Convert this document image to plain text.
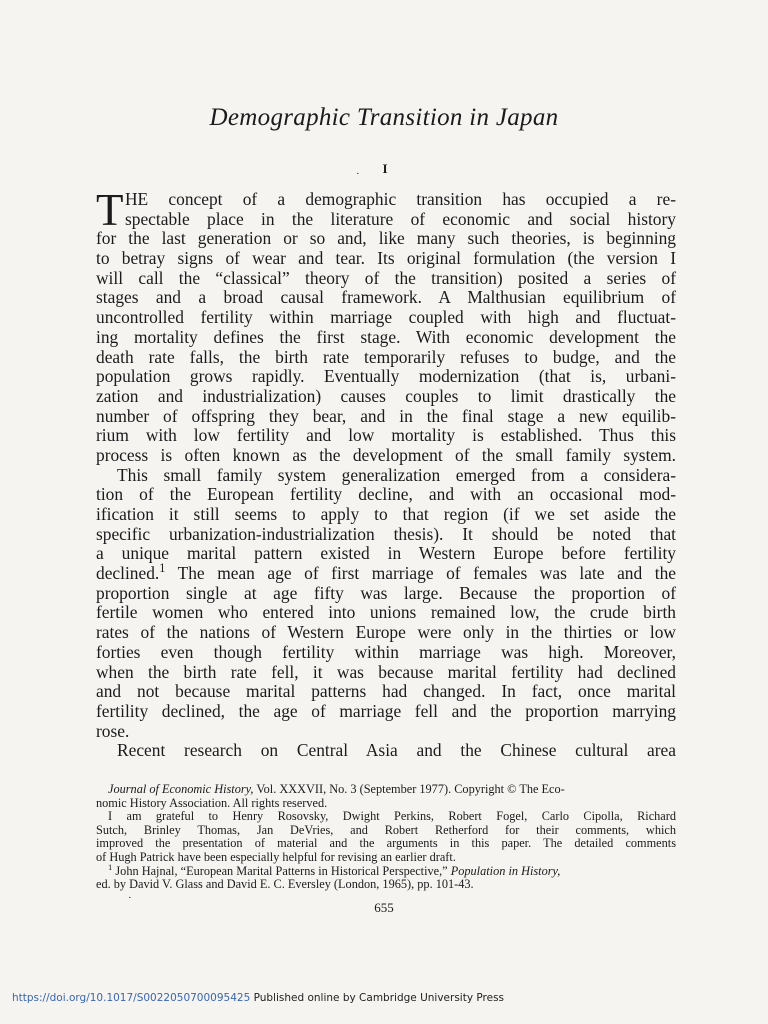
Demographic Transition in Japan
·	I
T HE concept of a demographic transition has occupied a re-
spectable place in the literature of economic and social history
for the last generation or so and, like many such theories, is beginning
to betray signs of wear and tear. Its original formulation (the version I
will call the “classical” theory of the transition) posited a series of
stages and a broad causal framework. A Malthusian equilibrium of
uncontrolled fertility within marriage coupled with high and fluctuat-
ing mortality defines the first stage. With economic development the
death rate falls, the birth rate temporarily refuses to budge, and the
population grows rapidly. Eventually modernization (that is, urbani-
zation and industrialization) causes couples to limit drastically the
number of offspring they bear, and in the final stage a new equilib-
rium with low fertility and low mortality is established. Thus this
process is often known as the development of the small family system.
This small family system generalization emerged from a considera-
tion of the European fertility decline, and with an occasional mod-
ification it still seems to apply to that region (if we set aside the
specific urbanization-industrialization thesis). It should be noted that
a unique marital pattern existed in Western Europe before fertility
declined.$^1$ The mean age of first marriage of females was late and the
proportion single at age fifty was large. Because the proportion of
fertile women who entered into unions remained low, the crude birth
rates of the nations of Western Europe were only in the thirties or low
forties even though fertility within marriage was high. Moreover,
when the birth rate fell, it was because marital fertility had declined
and not because marital patterns had changed. In fact, once marital
fertility declined, the age of marriage fell and the proportion marrying
rose.
Recent research on Central Asia and the Chinese cultural area
Journal of Economic History, Vol. XXXVII, No. 3 (September 1977). Copyright © The Eco-
nomic History Association. All rights reserved.
I am grateful to Henry Rosovsky, Dwight Perkins, Robert Fogel, Carlo Cipolla, Richard
Sutch, Brinley Thomas, Jan DeVries, and Robert Retherford for their comments, which
improved the presentation of material and the arguments in this paper. The detailed comments
of Hugh Patrick have been especially helpful for revising an earlier draft.
$^1$ John Hajnal, “European Marital Patterns in Historical Perspective,” Population in History,
ed. by David V. Glass and David E. C. Eversley (London, 1965), pp. 101-43.
·
655
https://doi.org/10.1017/S0022050700095425 Published online by Cambridge University Press
